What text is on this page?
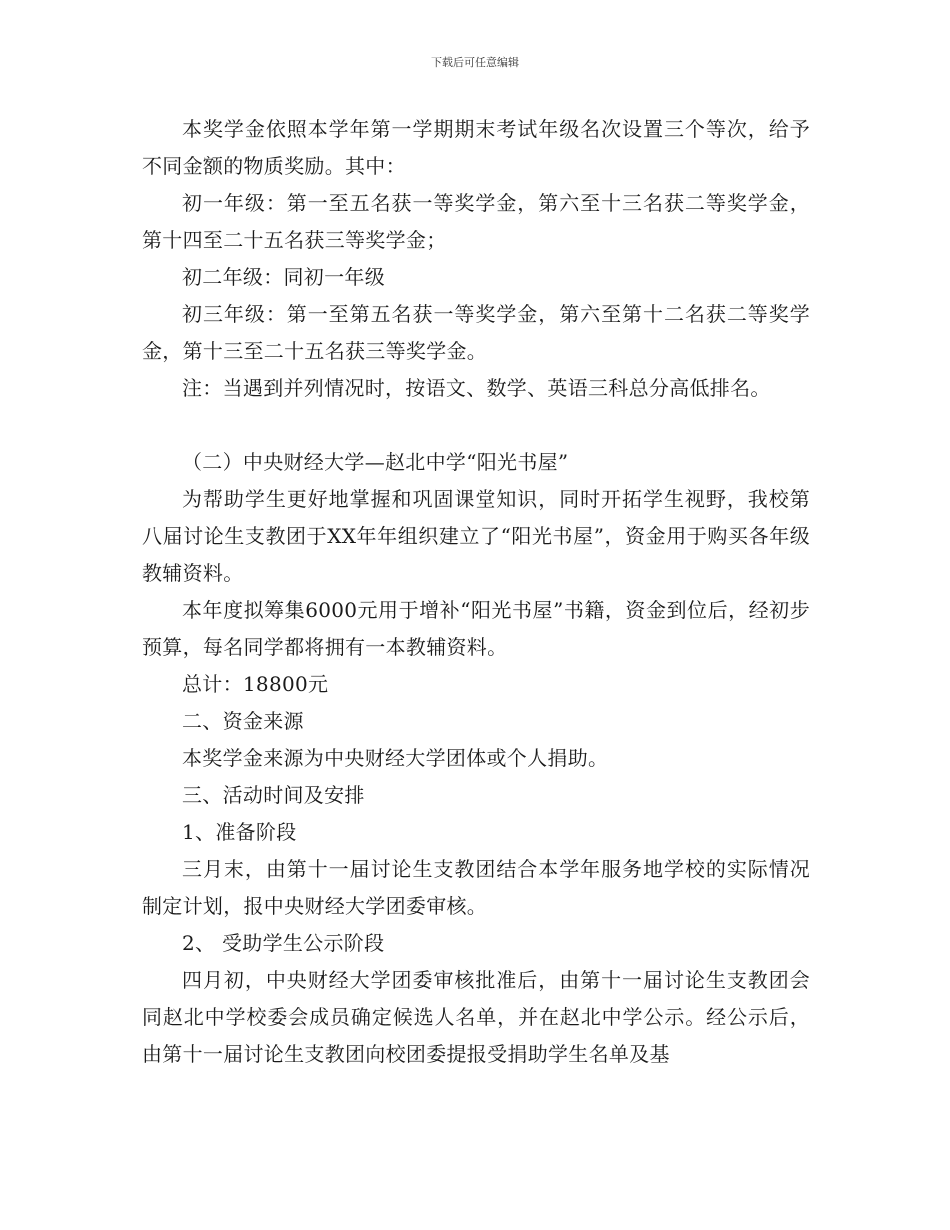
下载后可任意编辑

本奖学金依照本学年第一学期期末考试年级名次设置三个等次，给予不同金额的物质奖励。其中：

初一年级：第一至五名获一等奖学金，第六至十三名获二等奖学金，第十四至二十五名获三等奖学金；

初二年级：同初一年级

初三年级：第一至第五名获一等奖学金，第六至第十二名获二等奖学金，第十三至二十五名获三等奖学金。

注：当遇到并列情况时，按语文、数学、英语三科总分高低排名。

（二）中央财经大学—赵北中学“阳光书屋”

为帮助学生更好地掌握和巩固课堂知识，同时开拓学生视野，我校第八届讨论生支教团于XX年年组织建立了“阳光书屋”，资金用于购买各年级教辅资料。

本年度拟筹集6000元用于增补“阳光书屋”书籍，资金到位后，经初步预算，每名同学都将拥有一本教辅资料。

总计：18800元

二、资金来源

本奖学金来源为中央财经大学团体或个人捐助。

三、活动时间及安排

1、准备阶段

三月末，由第十一届讨论生支教团结合本学年服务地学校的实际情况制定计划，报中央财经大学团委审核。

2、 受助学生公示阶段

四月初，中央财经大学团委审核批准后，由第十一届讨论生支教团会同赵北中学校委会成员确定候选人名单，并在赵北中学公示。经公示后，由第十一届讨论生支教团向校团委提报受捐助学生名单及基
